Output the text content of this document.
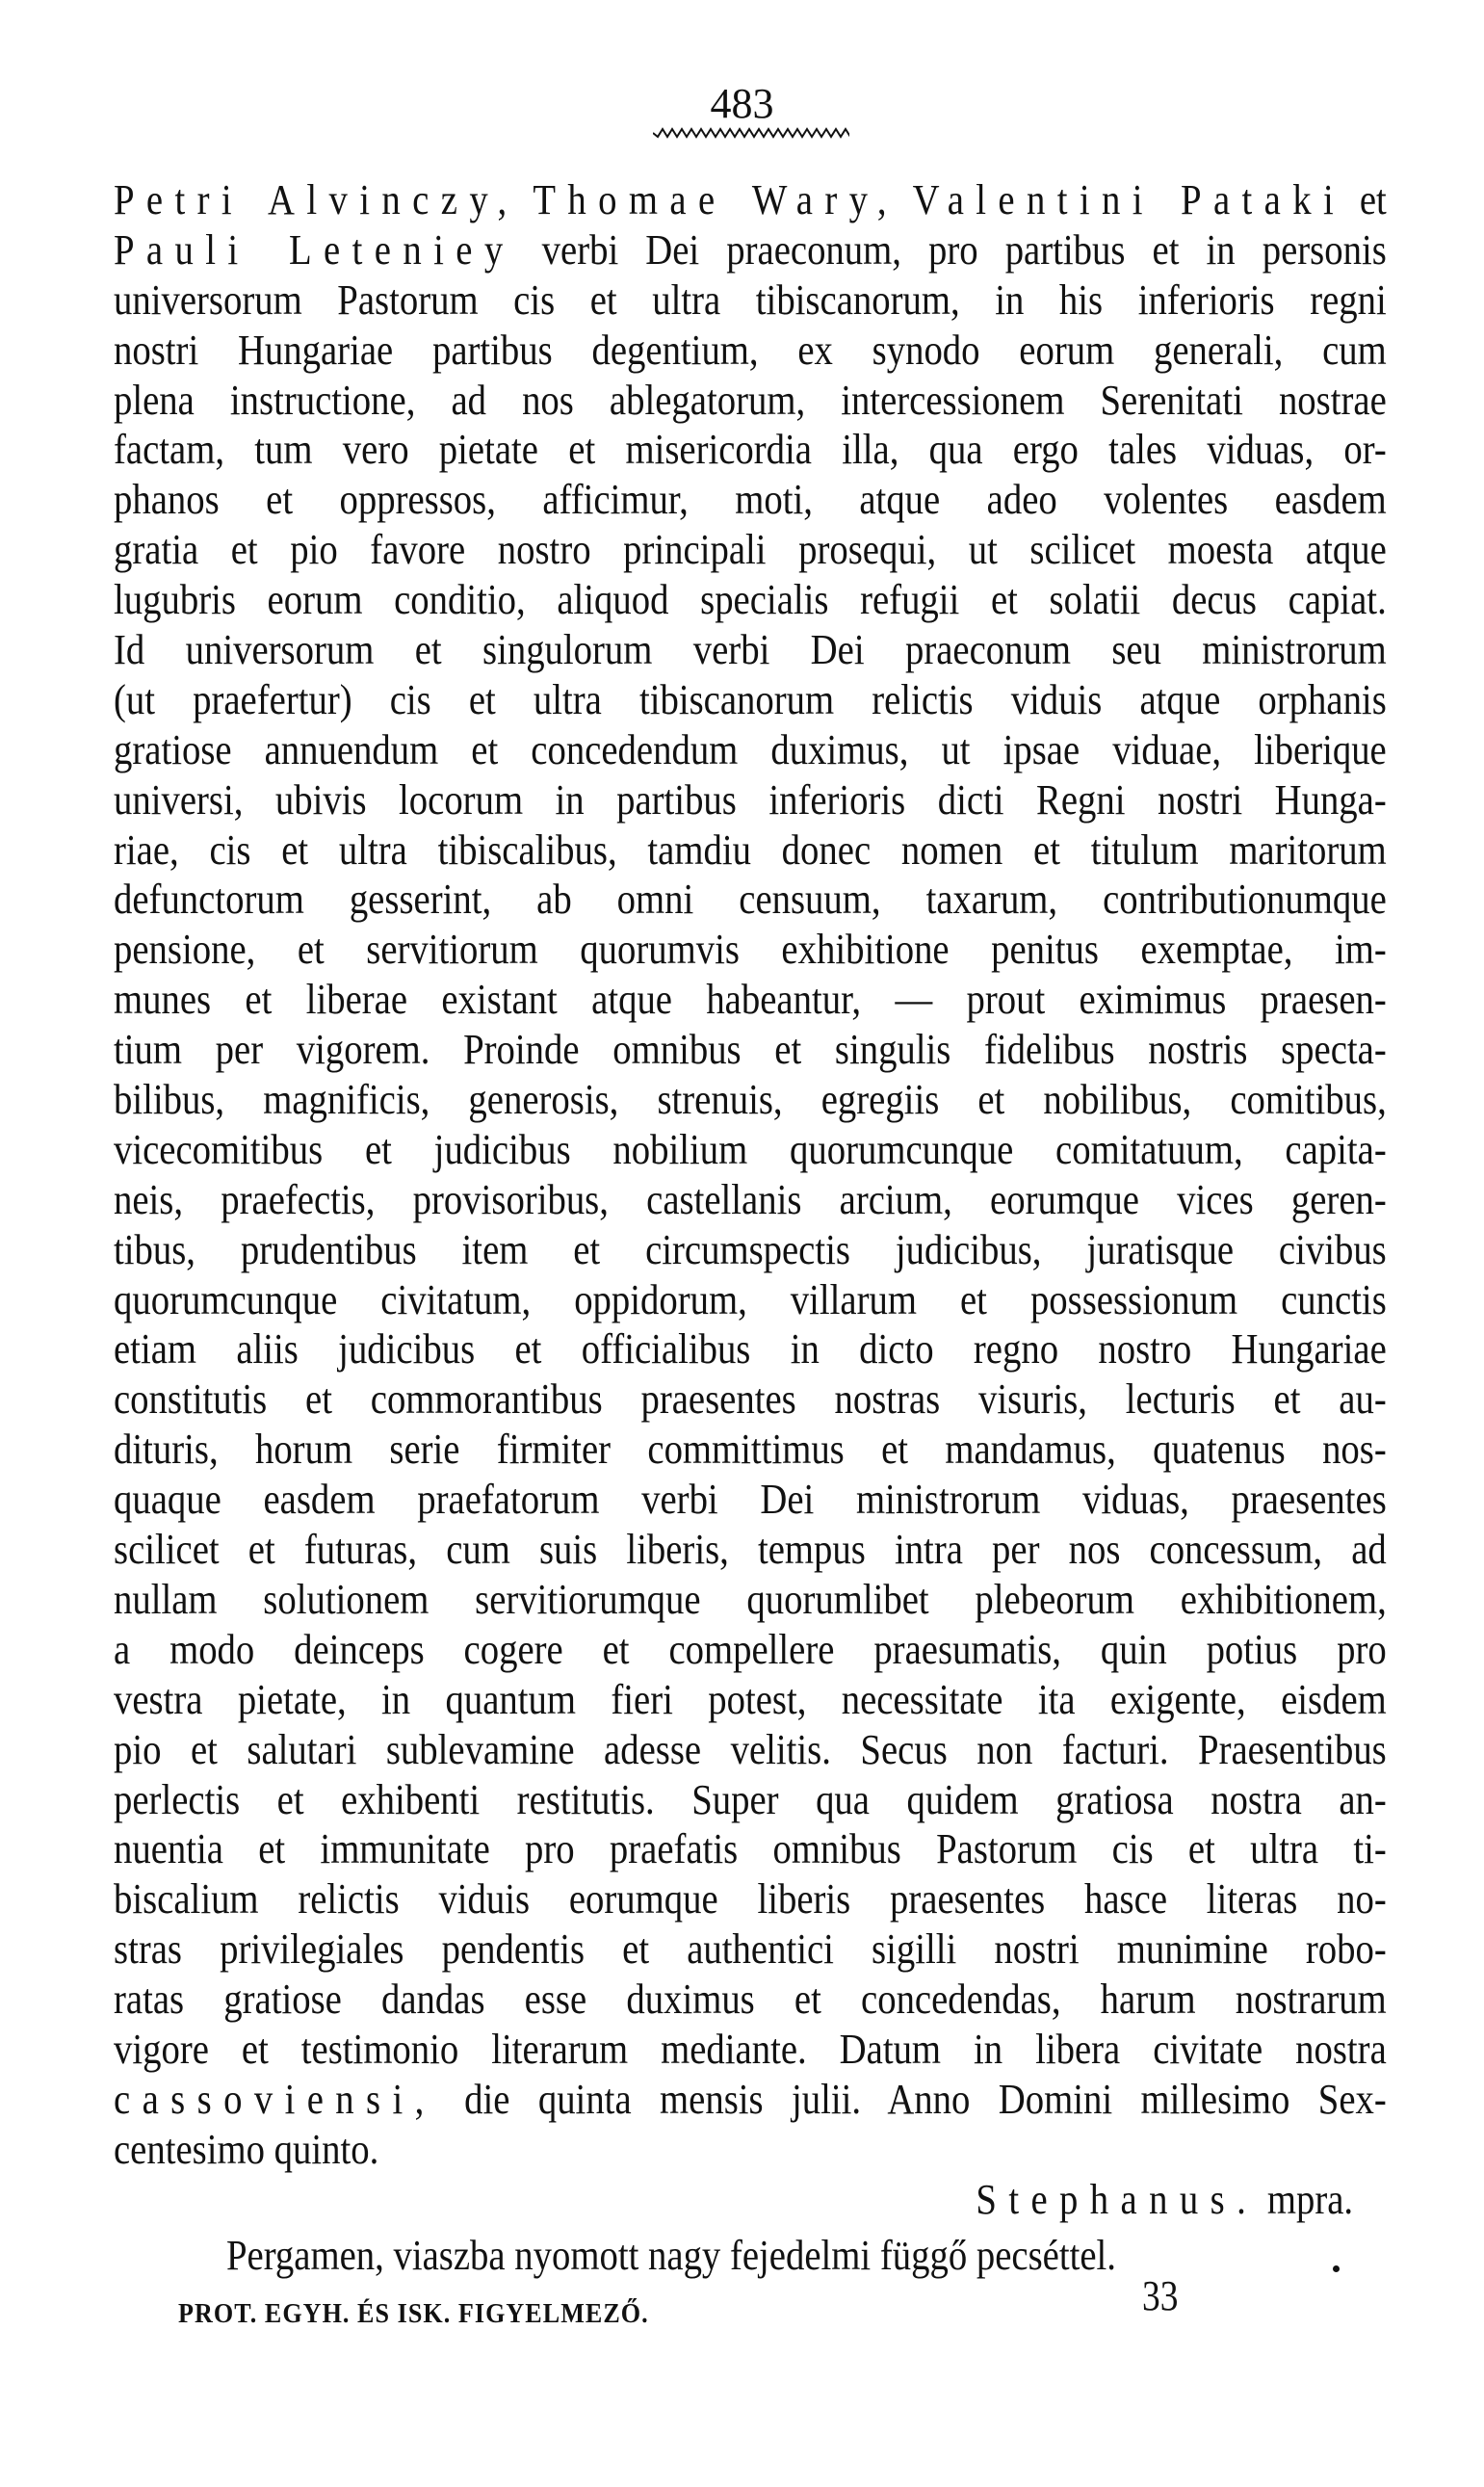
483
Petri Alvinczy, Thomae Wary, Valentini Pataki et
Pauli Leteniey verbi Dei praeconum, pro partibus et in personis
universorum Pastorum cis et ultra tibiscanorum, in his inferioris regni
nostri Hungariae partibus degentium, ex synodo eorum generali, cum
plena instructione, ad nos ablegatorum, intercessionem Serenitati nostrae
factam, tum vero pietate et misericordia illa, qua ergo tales viduas, or-
phanos et oppressos, afficimur, moti, atque adeo volentes easdem
gratia et pio favore nostro principali prosequi, ut scilicet moesta atque
lugubris eorum conditio, aliquod specialis refugii et solatii decus capiat.
Id universorum et singulorum verbi Dei praeconum seu ministrorum
(ut praefertur) cis et ultra tibiscanorum relictis viduis atque orphanis
gratiose annuendum et concedendum duximus, ut ipsae viduae, liberique
universi, ubivis locorum in partibus inferioris dicti Regni nostri Hunga-
riae, cis et ultra tibiscalibus, tamdiu donec nomen et titulum maritorum
defunctorum gesserint, ab omni censuum, taxarum, contributionumque
pensione, et servitiorum quorumvis exhibitione penitus exemptae, im-
munes et liberae existant atque habeantur, — prout eximimus praesen-
tium per vigorem. Proinde omnibus et singulis fidelibus nostris specta-
bilibus, magnificis, generosis, strenuis, egregiis et nobilibus, comitibus,
vicecomitibus et judicibus nobilium quorumcunque comitatuum, capita-
neis, praefectis, provisoribus, castellanis arcium, eorumque vices geren-
tibus, prudentibus item et circumspectis judicibus, juratisque civibus
quorumcunque civitatum, oppidorum, villarum et possessionum cunctis
etiam aliis judicibus et officialibus in dicto regno nostro Hungariae
constitutis et commorantibus praesentes nostras visuris, lecturis et au-
dituris, horum serie firmiter committimus et mandamus, quatenus nos-
quaque easdem praefatorum verbi Dei ministrorum viduas, praesentes
scilicet et futuras, cum suis liberis, tempus intra per nos concessum, ad
nullam solutionem servitiorumque quorumlibet plebeorum exhibitionem,
a modo deinceps cogere et compellere praesumatis, quin potius pro
vestra pietate, in quantum fieri potest, necessitate ita exigente, eisdem
pio et salutari sublevamine adesse velitis. Secus non facturi. Praesentibus
perlectis et exhibenti restitutis. Super qua quidem gratiosa nostra an-
nuentia et immunitate pro praefatis omnibus Pastorum cis et ultra ti-
biscalium relictis viduis eorumque liberis praesentes hasce literas no-
stras privilegiales pendentis et authentici sigilli nostri munimine robo-
ratas gratiose dandas esse duximus et concedendas, harum nostrarum
vigore et testimonio literarum mediante. Datum in libera civitate nostra
cassoviensi, die quinta mensis julii. Anno Domini millesimo Sex-
centesimo quinto.
Stephanus. mpra.
Pergamen, viaszba nyomott nagy fejedelmi függő pecséttel.
33
PROT. EGYH. ÉS ISK. FIGYELMEZŐ.
